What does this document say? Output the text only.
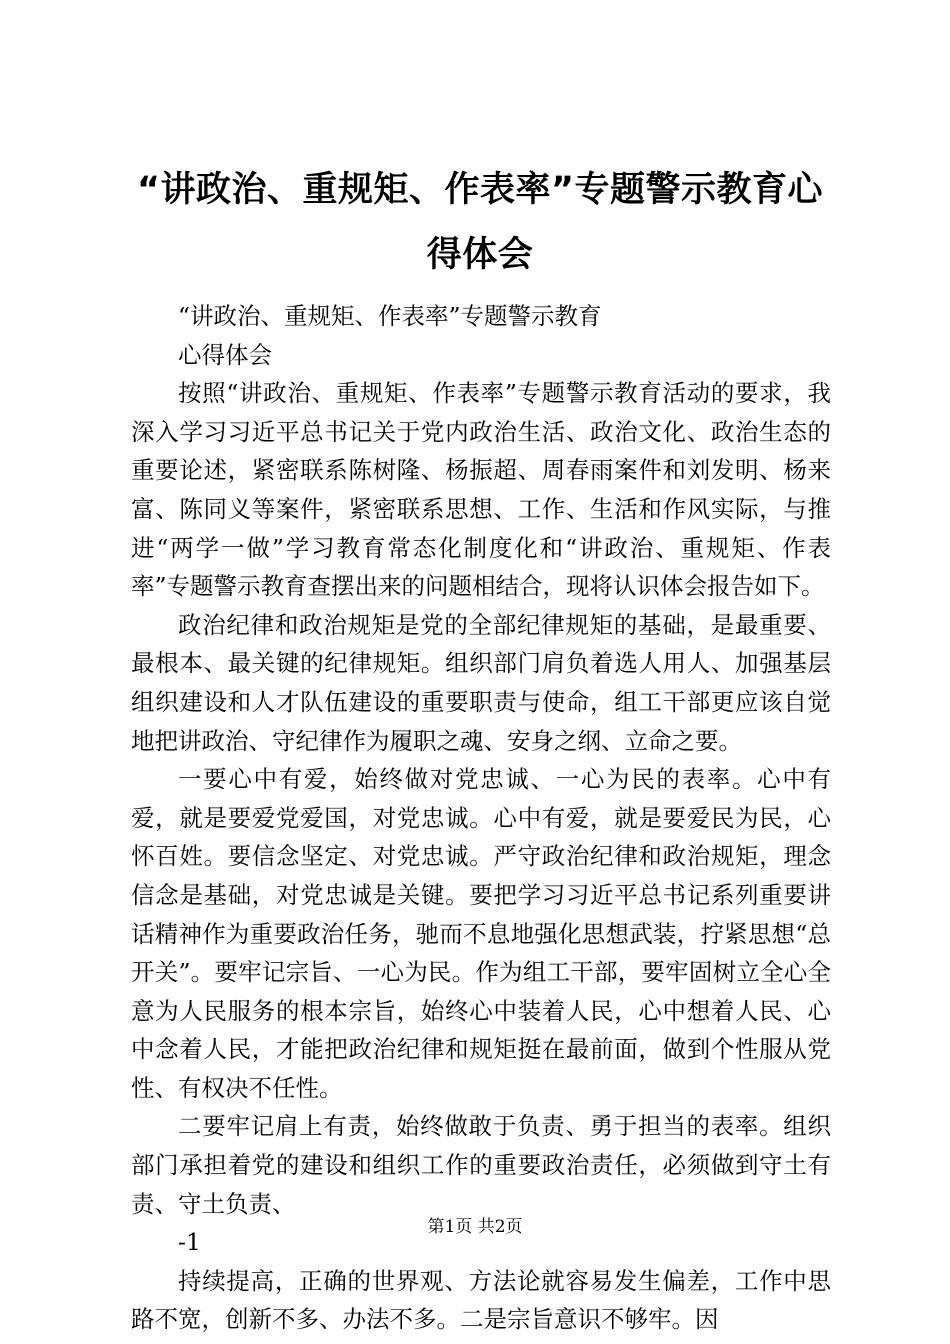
“讲政治、重规矩、作表率”专题警示教育心得体会

“讲政治、重规矩、作表率”专题警示教育

心得体会

按照“讲政治、重规矩、作表率”专题警示教育活动的要求，我深入学习习近平总书记关于党内政治生活、政治文化、政治生态的重要论述，紧密联系陈树隆、杨振超、周春雨案件和刘发明、杨来富、陈同义等案件，紧密联系思想、工作、生活和作风实际，与推进“两学一做”学习教育常态化制度化和“讲政治、重规矩、作表率”专题警示教育查摆出来的问题相结合，现将认识体会报告如下。

政治纪律和政治规矩是党的全部纪律规矩的基础，是最重要、最根本、最关键的纪律规矩。组织部门肩负着选人用人、加强基层组织建设和人才队伍建设的重要职责与使命，组工干部更应该自觉地把讲政治、守纪律作为履职之魂、安身之纲、立命之要。

一要心中有爱，始终做对党忠诚、一心为民的表率。心中有爱，就是要爱党爱国，对党忠诚。心中有爱，就是要爱民为民，心怀百姓。要信念坚定、对党忠诚。严守政治纪律和政治规矩，理念信念是基础，对党忠诚是关键。要把学习习近平总书记系列重要讲话精神作为重要政治任务，驰而不息地强化思想武装，拧紧思想“总开关”。要牢记宗旨、一心为民。作为组工干部，要牢固树立全心全意为人民服务的根本宗旨，始终心中装着人民，心中想着人民、心中念着人民，才能把政治纪律和规矩挺在最前面，做到个性服从党性、有权决不任性。

二要牢记肩上有责，始终做敢于负责、勇于担当的表率。组织部门承担着党的建设和组织工作的重要政治责任，必须做到守土有责、守土负责、

-1

持续提高，正确的世界观、方法论就容易发生偏差，工作中思路不宽，创新不多、办法不多。二是宗旨意识不够牢。因

第1页 共2页
